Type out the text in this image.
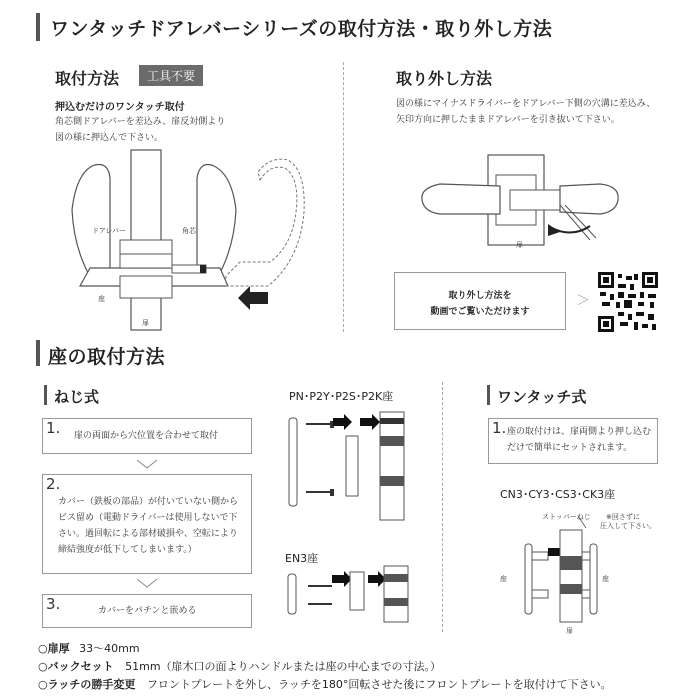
ワンタッチドアレバーシリーズの取付方法・取り外し方法
取付方法	工具不要
押込むだけのワンタッチ取付
角芯側ドアレバーを差込み、扉反対側より
図の様に押込んで下さい。
ドアレバー	角芯
座
扉
取り外し方法
図の様にマイナスドライバーをドアレバー下側の穴溝に差込み、
矢印方向に押したままドアレバーを引き抜いて下さい。
扉
取り外し方法を
動画でご覧いただけます
＞
座の取付方法
ねじ式
1. 扉の両面から穴位置を合わせて取付
2.
カバー（鉄板の部品）が付いていない側から
ビス留め（電動ドライバーは使用しないで下
さい。過回転による部材破損や、空転により
締結強度が低下してしまいます。）
3.	カバーをパチンと嵌める
PN･P2Y･P2S･P2K座
EN3座
ワンタッチ式
1. 座の取付けは、扉両側より押し込む
だけで簡単にセットされます。
CN3･CY3･CS3･CK3座
ストッパーねじ ※回さずに
圧入して下さい。
座	座
扉
○扉厚 33～40mm
○バックセット 51mm（扉木口の面よりハンドルまたは座の中心までの寸法。）
○ラッチの勝手変更 フロントプレートを外し、ラッチを180°回転させた後にフロントプレートを取付けて下さい。
